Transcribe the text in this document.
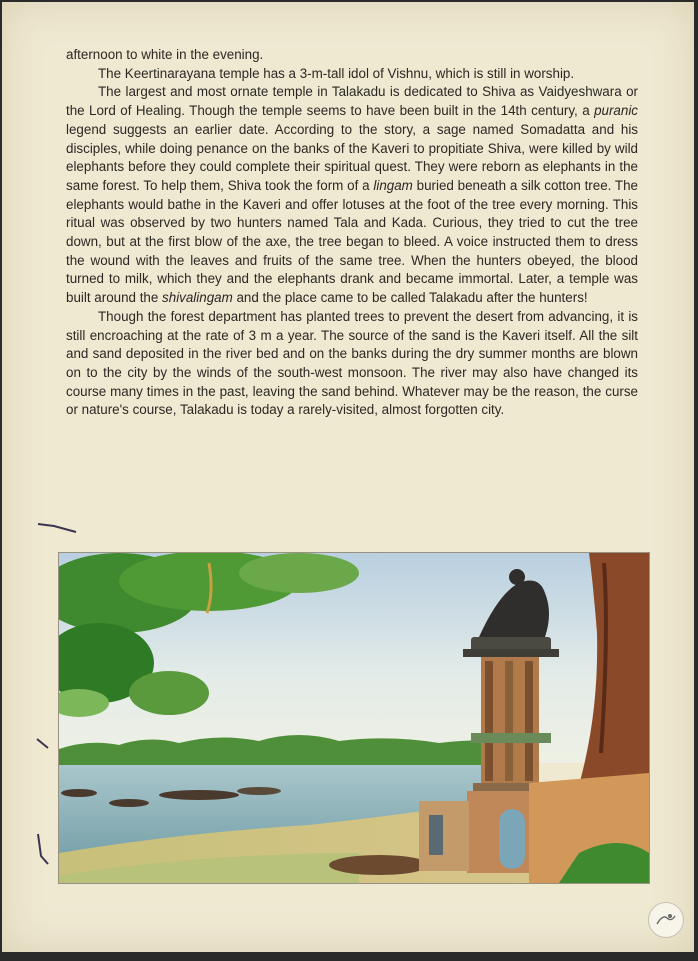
afternoon to white in the evening.

The Keertinarayana temple has a 3-m-tall idol of Vishnu, which is still in worship.

The largest and most ornate temple in Talakadu is dedicated to Shiva as Vaidyeshwara or the Lord of Healing. Though the temple seems to have been built in the 14th century, a puranic legend suggests an earlier date. According to the story, a sage named Somadatta and his disciples, while doing penance on the banks of the Kaveri to propitiate Shiva, were killed by wild elephants before they could complete their spiritual quest. They were reborn as elephants in the same forest. To help them, Shiva took the form of a lingam buried beneath a silk cotton tree. The elephants would bathe in the Kaveri and offer lotuses at the foot of the tree every morning. This ritual was observed by two hunters named Tala and Kada. Curious, they tried to cut the tree down, but at the first blow of the axe, the tree began to bleed. A voice instructed them to dress the wound with the leaves and fruits of the same tree. When the hunters obeyed, the blood turned to milk, which they and the elephants drank and became immortal. Later, a temple was built around the shivalingam and the place came to be called Talakadu after the hunters!

Though the forest department has planted trees to prevent the desert from advancing, it is still encroaching at the rate of 3 m a year. The source of the sand is the Kaveri itself. All the silt and sand deposited in the river bed and on the banks during the dry summer months are blown on to the city by the winds of the south-west monsoon. The river may also have changed its course many times in the past, leaving the sand behind. Whatever may be the reason, the curse or nature's course, Talakadu is today a rarely-visited, almost forgotten city.
